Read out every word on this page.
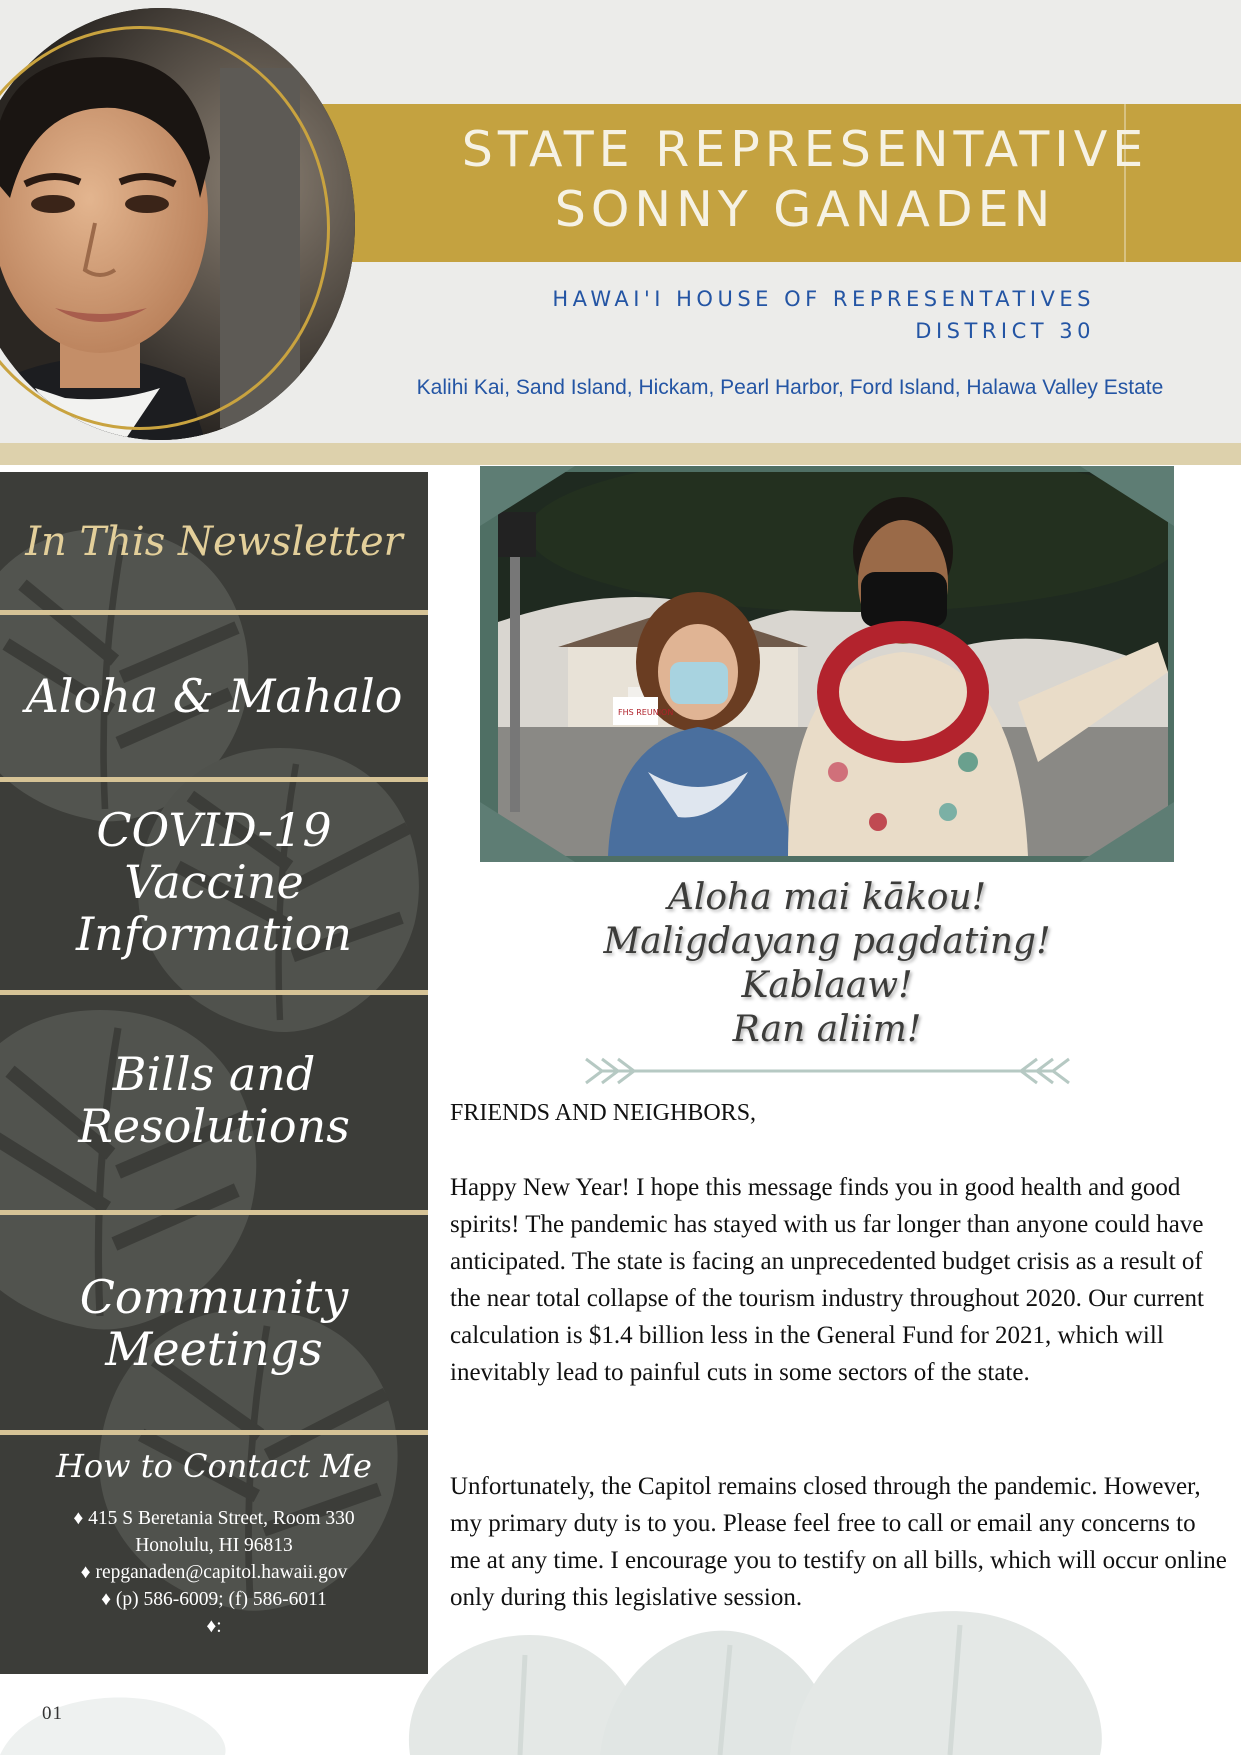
STATE REPRESENTATIVE
SONNY GANADEN
HAWAI'I HOUSE OF REPRESENTATIVES
DISTRICT 30
Kalihi Kai, Sand Island, Hickam, Pearl Harbor, Ford Island, Halawa Valley Estate
In This Newsletter
Aloha & Mahalo
COVID-19 Vaccine
Information
Bills and
Resolutions
Community
Meetings
How to Contact Me
♦ 415 S Beretania Street, Room 330
Honolulu, HI 96813
♦ repganaden@capitol.hawaii.gov
♦ (p) 586-6009; (f) 586-6011
♦:
FHS REUNION
Aloha mai kākou!
Maligdayang pagdating!
Kablaaw!
Ran aliim!
FRIENDS AND NEIGHBORS,
Happy New Year! I hope this message finds you in good health and good spirits! The pandemic has stayed with us far longer than anyone could have anticipated. The state is facing an unprecedented budget crisis as a result of the near total collapse of the tourism industry throughout 2020. Our current calculation is $1.4 billion less in the General Fund for 2021, which will inevitably lead to painful cuts in some sectors of the state.
Unfortunately, the Capitol remains closed through the pandemic. However, my primary duty is to you. Please feel free to call or email any concerns to me at any time. I encourage you to testify on all bills, which will occur online only during this legislative session.
01
